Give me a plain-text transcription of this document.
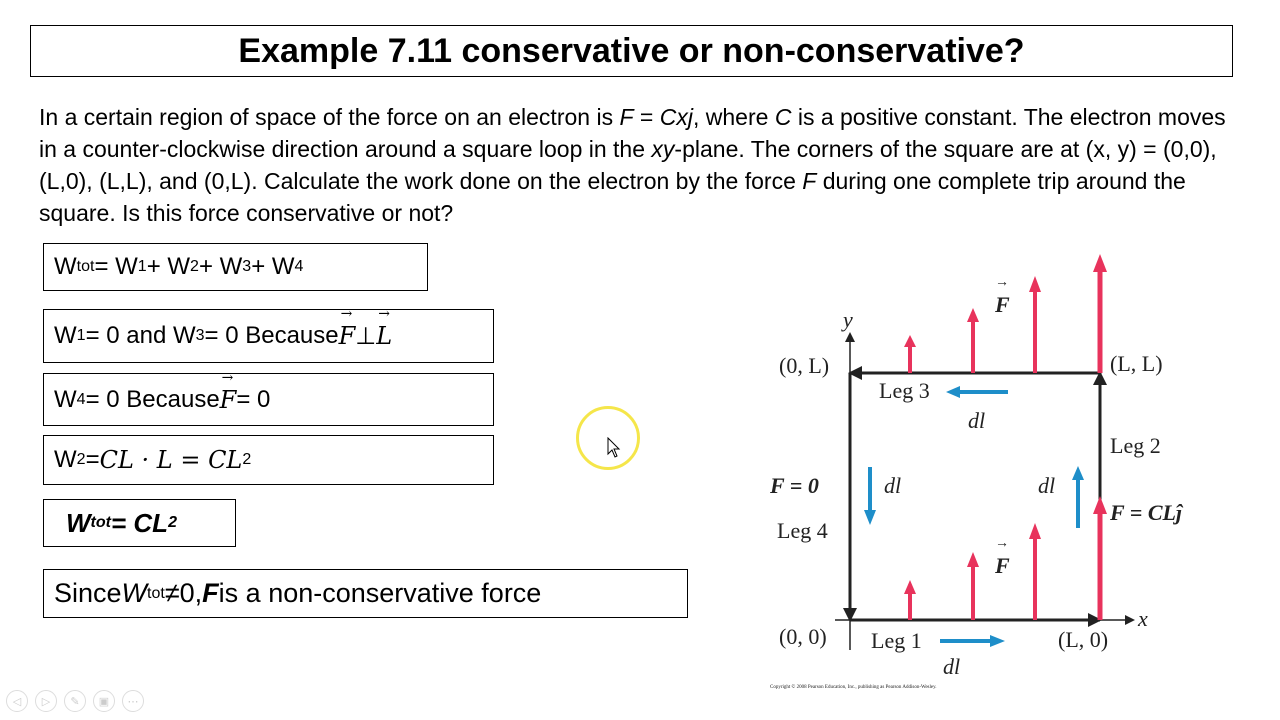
Example 7.11 conservative or non-conservative?
In a certain region of space of the force on an electron is F = Cxj, where C is a positive constant. The electron moves in a counter-clockwise direction around a square loop in the xy-plane. The corners of the square are at (x, y) = (0,0), (L,0), (L,L), and (0,L). Calculate the work done on the electron by the force F during one complete trip around the square. Is this force conservative or not?
W tot = W 1 + W 2 + W 3 + W 4
W 1 = 0 and W 3 = 0 Because → F ⊥ → L
W 4 = 0 Because → F = 0
W 2 = CL · L = CL 2
W tot = CL 2
Since W tot ≠0, F is a non-conservative force
y
x
(0, L)	(L, L)
(0, 0)	(L, 0)
Leg 1
Leg 2
Leg 3
Leg 4
F
→
F
→
dl
dl
dl
dl
F = 0
F = CLĵ
Copyright © 2008 Pearson Education, Inc., publishing as Pearson Addison-Wesley.
◁	▷	✎	▣	⋯
